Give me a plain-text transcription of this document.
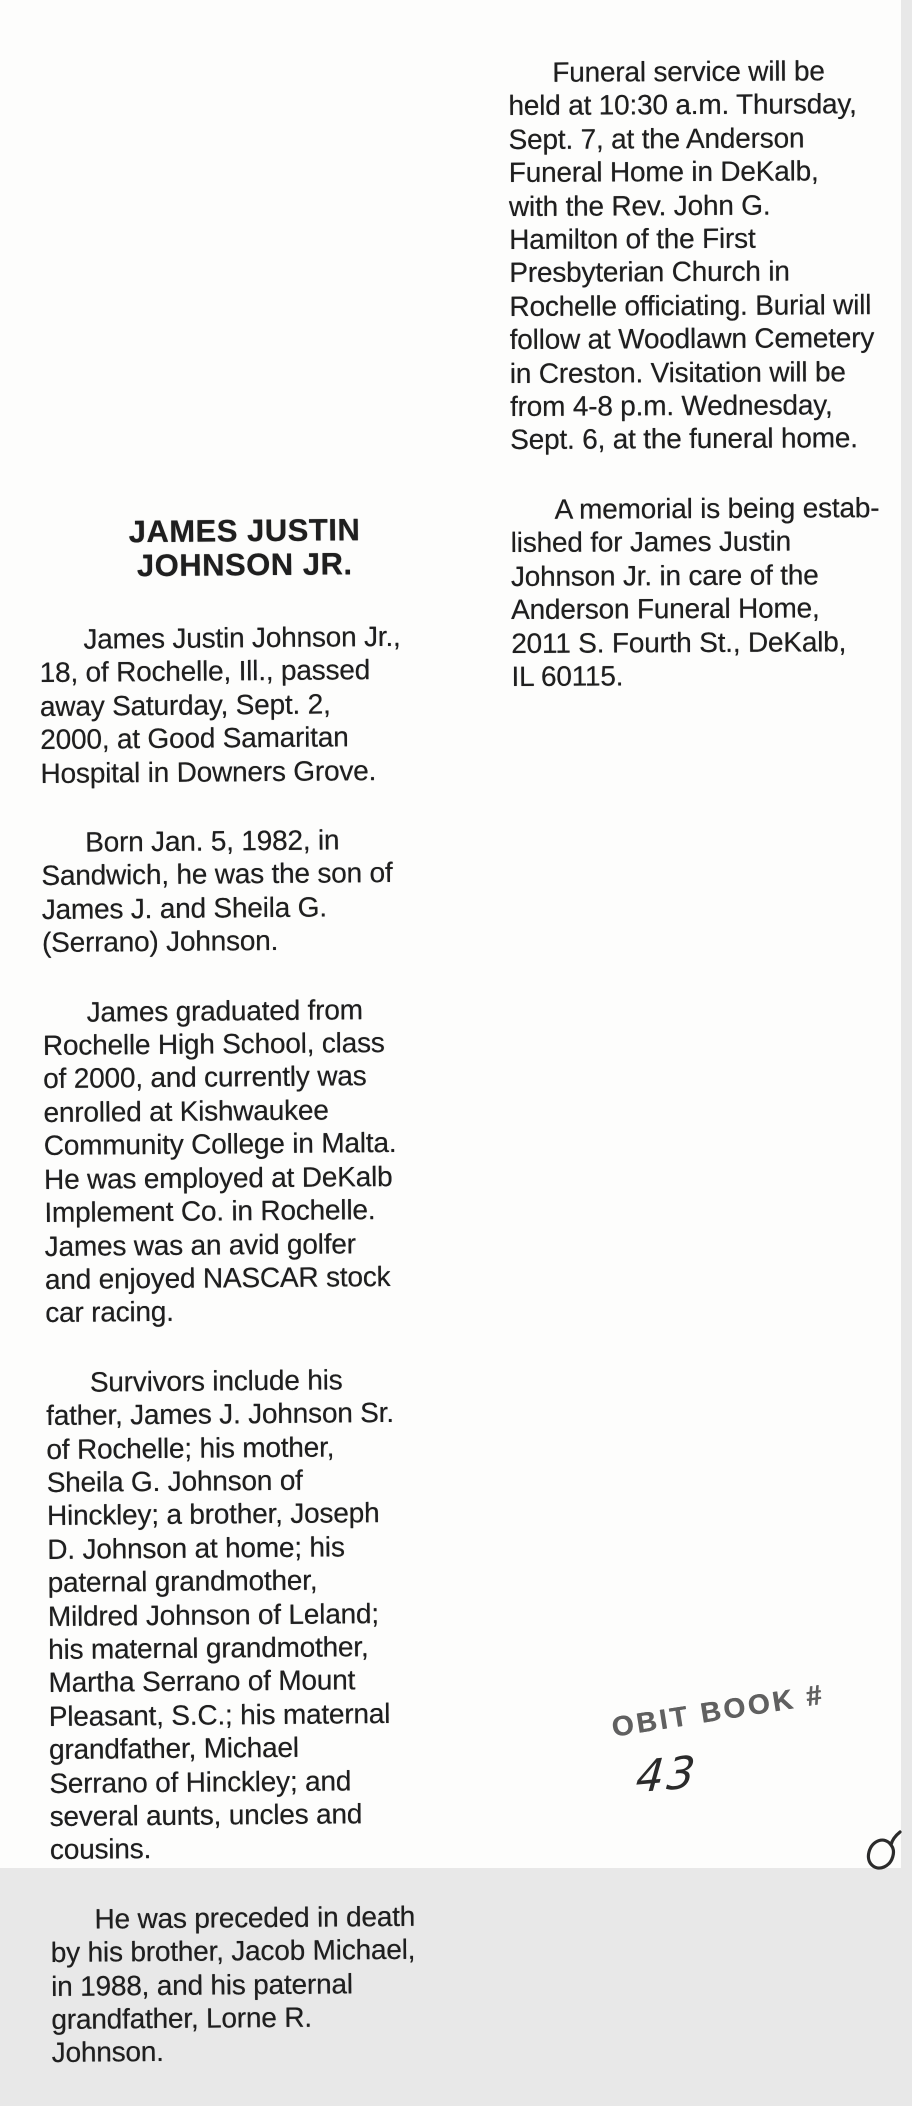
Funeral service will be
held at 10:30 a.m. Thursday,
Sept. 7, at the Anderson
Funeral Home in DeKalb,
with the Rev. John G.
Hamilton of the First
Presbyterian Church in
Rochelle officiating. Burial will
follow at Woodlawn Cemetery
in Creston. Visitation will be
from 4-8 p.m. Wednesday,
Sept. 6, at the funeral home.

A memorial is being estab-
lished for James Justin
Johnson Jr. in care of the
Anderson Funeral Home,
2011 S. Fourth St., DeKalb,
IL 60115.

JAMES JUSTIN
JOHNSON JR.

James Justin Johnson Jr.,
18, of Rochelle, Ill., passed
away Saturday, Sept. 2,
2000, at Good Samaritan
Hospital in Downers Grove.

Born Jan. 5, 1982, in
Sandwich, he was the son of
James J. and Sheila G.
(Serrano) Johnson.

James graduated from
Rochelle High School, class
of 2000, and currently was
enrolled at Kishwaukee
Community College in Malta.
He was employed at DeKalb
Implement Co. in Rochelle.
James was an avid golfer
and enjoyed NASCAR stock
car racing.

Survivors include his
father, James J. Johnson Sr.
of Rochelle; his mother,
Sheila G. Johnson of
Hinckley; a brother, Joseph
D. Johnson at home; his
paternal grandmother,
Mildred Johnson of Leland;
his maternal grandmother,
Martha Serrano of Mount
Pleasant, S.C.; his maternal
grandfather, Michael
Serrano of Hinckley; and
several aunts, uncles and
cousins.

He was preceded in death
by his brother, Jacob Michael,
in 1988, and his paternal
grandfather, Lorne R.
Johnson.

OBIT BOOK #
43
